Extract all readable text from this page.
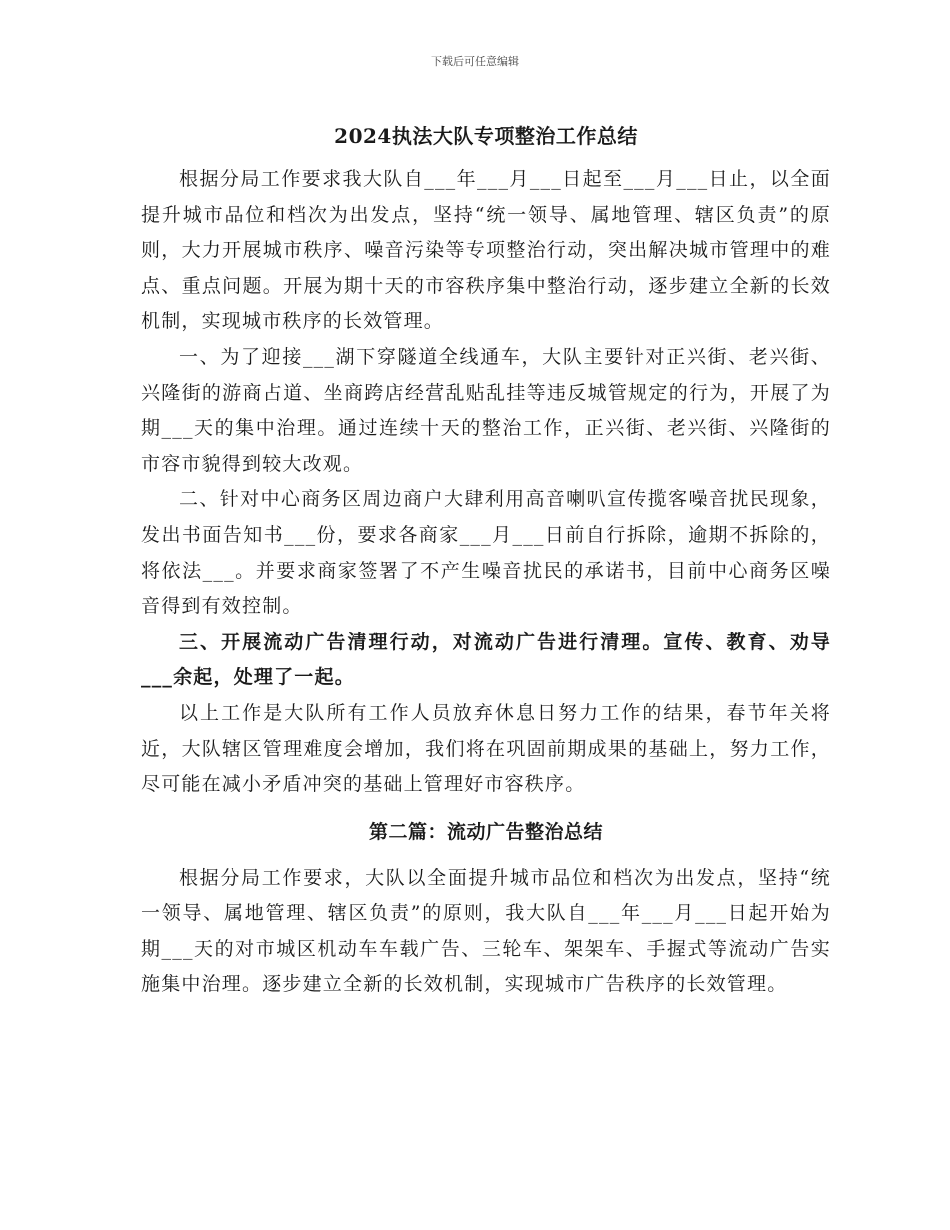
下载后可任意编辑
2024执法大队专项整治工作总结

根据分局工作要求我大队自___年___月___日起至___月___日止，以全面提升城市品位和档次为出发点，坚持“统一领导、属地管理、辖区负责”的原则，大力开展城市秩序、噪音污染等专项整治行动，突出解决城市管理中的难点、重点问题。开展为期十天的市容秩序集中整治行动，逐步建立全新的长效机制，实现城市秩序的长效管理。

一、为了迎接___湖下穿隧道全线通车，大队主要针对正兴街、老兴街、兴隆街的游商占道、坐商跨店经营乱贴乱挂等违反城管规定的行为，开展了为期___天的集中治理。通过连续十天的整治工作，正兴街、老兴街、兴隆街的市容市貌得到较大改观。

二、针对中心商务区周边商户大肆利用高音喇叭宣传揽客噪音扰民现象，发出书面告知书___份，要求各商家___月___日前自行拆除，逾期不拆除的，将依法___。并要求商家签署了不产生噪音扰民的承诺书，目前中心商务区噪音得到有效控制。

三、开展流动广告清理行动，对流动广告进行清理。宣传、教育、劝导___余起，处理了一起。

以上工作是大队所有工作人员放弃休息日努力工作的结果，春节年关将近，大队辖区管理难度会增加，我们将在巩固前期成果的基础上，努力工作，尽可能在减小矛盾冲突的基础上管理好市容秩序。

第二篇：流动广告整治总结

根据分局工作要求，大队以全面提升城市品位和档次为出发点，坚持“统一领导、属地管理、辖区负责”的原则，我大队自___年___月___日起开始为期___天的对市城区机动车车载广告、三轮车、架架车、手握式等流动广告实施集中治理。逐步建立全新的长效机制，实现城市广告秩序的长效管理。
